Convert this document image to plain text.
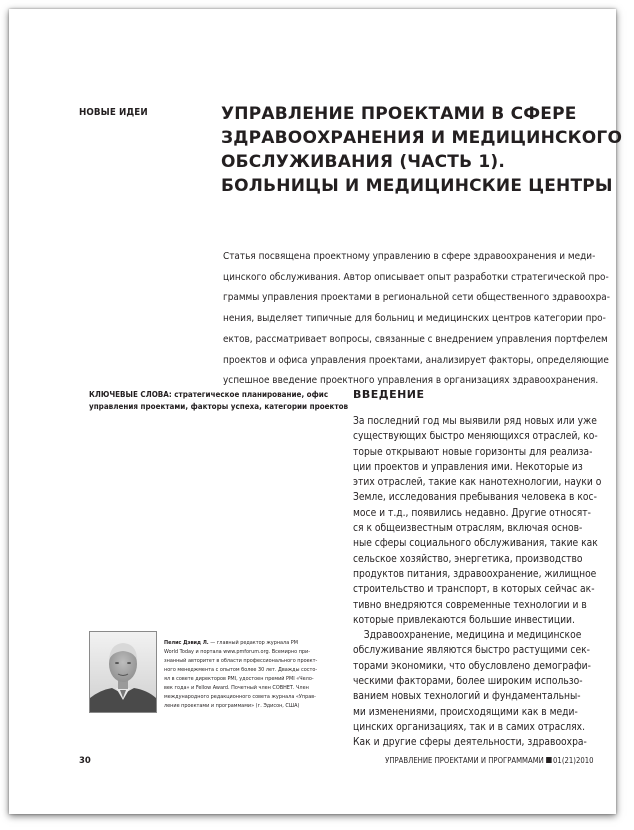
НОВЫЕ ИДЕИ	УПРАВЛЕНИЕ ПРОЕКТАМИ В СФЕРЕ
ЗДРАВООХРАНЕНИЯ И МЕДИЦИНСКОГО
ОБСЛУЖИВАНИЯ (ЧАСТЬ 1).
БОЛЬНИЦЫ И МЕДИЦИНСКИЕ ЦЕНТРЫ
Статья посвящена проектному управлению в сфере здравоохранения и меди-
цинского обслуживания. Автор описывает опыт разработки стратегической про-
граммы управления проектами в региональной сети общественного здравоохра-
нения, выделяет типичные для больниц и медицинских центров категории про-
ектов, рассматривает вопросы, связанные с внедрением управления портфелем
проектов и офиса управления проектами, анализирует факторы, определяющие
успешное введение проектного управления в организациях здравоохранения.
КЛЮЧЕВЫЕ СЛОВА: стратегическое планирование, офис
управления проектами, факторы успеха, категории проектов
ВВЕДЕНИЕ
За последний год мы выявили ряд новых или уже
существующих быстро меняющихся отраслей, ко-
торые открывают новые горизонты для реализа-
ции проектов и управления ими. Некоторые из
этих отраслей, такие как нанотехнологии, науки о
Земле, исследования пребывания человека в кос-
мосе и т.д., появились недавно. Другие относят-
ся к общеизвестным отраслям, включая основ-
ные сферы социального обслуживания, такие как
сельское хозяйство, энергетика, производство
продуктов питания, здравоохранение, жилищное
строительство и транспорт, в которых сейчас ак-
тивно внедряются современные технологии и в
которые привлекаются большие инвестиции.
Здравоохранение, медицина и медицинское
обслуживание являются быстро растущими сек-
торами экономики, что обусловлено демографи-
ческими факторами, более широким использо-
ванием новых технологий и фундаментальны-
ми изменениями, происходящими как в меди-
цинских организациях, так и в самих отраслях.
Как и другие сферы деятельности, здравоохра-
Пелис Дэвид Л. — главный редактор журнала PM
World Today и портала www.pmforum.org. Всемирно при-
знанный авторитет в области профессионального проект-
ного менеджмента с опытом более 30 лет. Дважды состо-
ял в совете директоров PMI, удостоен премий PMI «Чело-
век года» и Fellow Award. Почетный член СОВНЕТ. Член
международного редакционного совета журнала «Управ-
ление проектами и программами» (г. Эдисон, США)
30	УПРАВЛЕНИЕ ПРОЕКТАМИ И ПРОГРАММАМИ 01(21)2010
